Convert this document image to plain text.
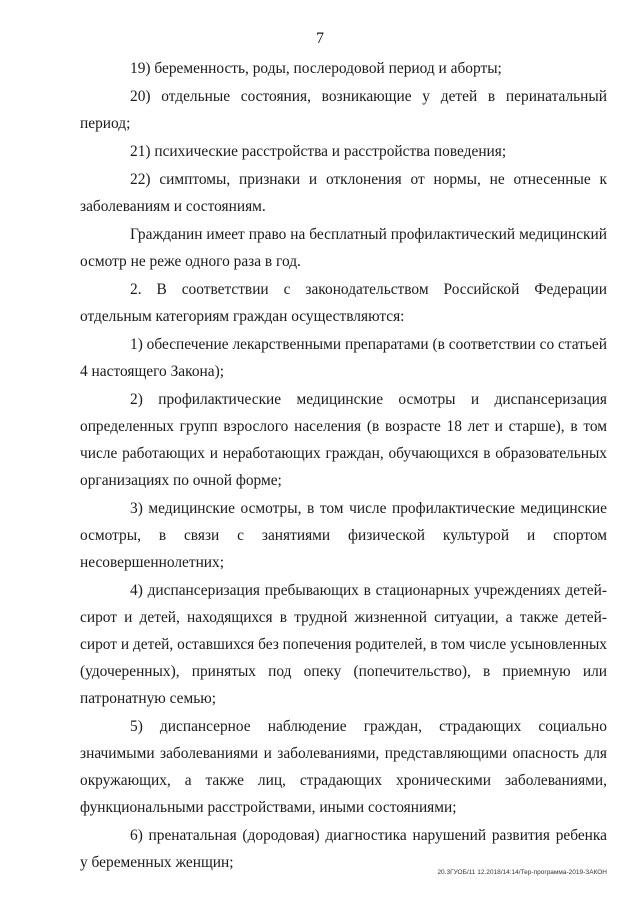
7

19) беременность, роды, послеродовой период и аборты;

20) отдельные состояния, возникающие у детей в перинатальный период;

21) психические расстройства и расстройства поведения;

22) симптомы, признаки и отклонения от нормы, не отнесенные к заболеваниям и состояниям.

Гражданин имеет право на бесплатный профилактический медицинский осмотр не реже одного раза в год.

2. В соответствии с законодательством Российской Федерации отдельным категориям граждан осуществляются:

1) обеспечение лекарственными препаратами (в соответствии со статьей 4 настоящего Закона);

2) профилактические медицинские осмотры и диспансеризация определенных групп взрослого населения (в возрасте 18 лет и старше), в том числе работающих и неработающих граждан, обучающихся в образовательных организациях по очной форме;

3) медицинские осмотры, в том числе профилактические медицинские осмотры, в связи с занятиями физической культурой и спортом несовершеннолетних;

4) диспансеризация пребывающих в стационарных учреждениях детей-сирот и детей, находящихся в трудной жизненной ситуации, а также детей-сирот и детей, оставшихся без попечения родителей, в том числе усыновленных (удочеренных), принятых под опеку (попечительство), в приемную или патронатную семью;

5) диспансерное наблюдение граждан, страдающих социально значимыми заболеваниями и заболеваниями, представляющими опасность для окружающих, а также лиц, страдающих хроническими заболеваниями, функциональными расстройствами, иными состояниями;

6) пренатальная (дородовая) диагностика нарушений развития ребенка у беременных женщин;

20.3ГУОБ/11 12.2018/14:14/Тер-программа-2019-ЗАКОН
